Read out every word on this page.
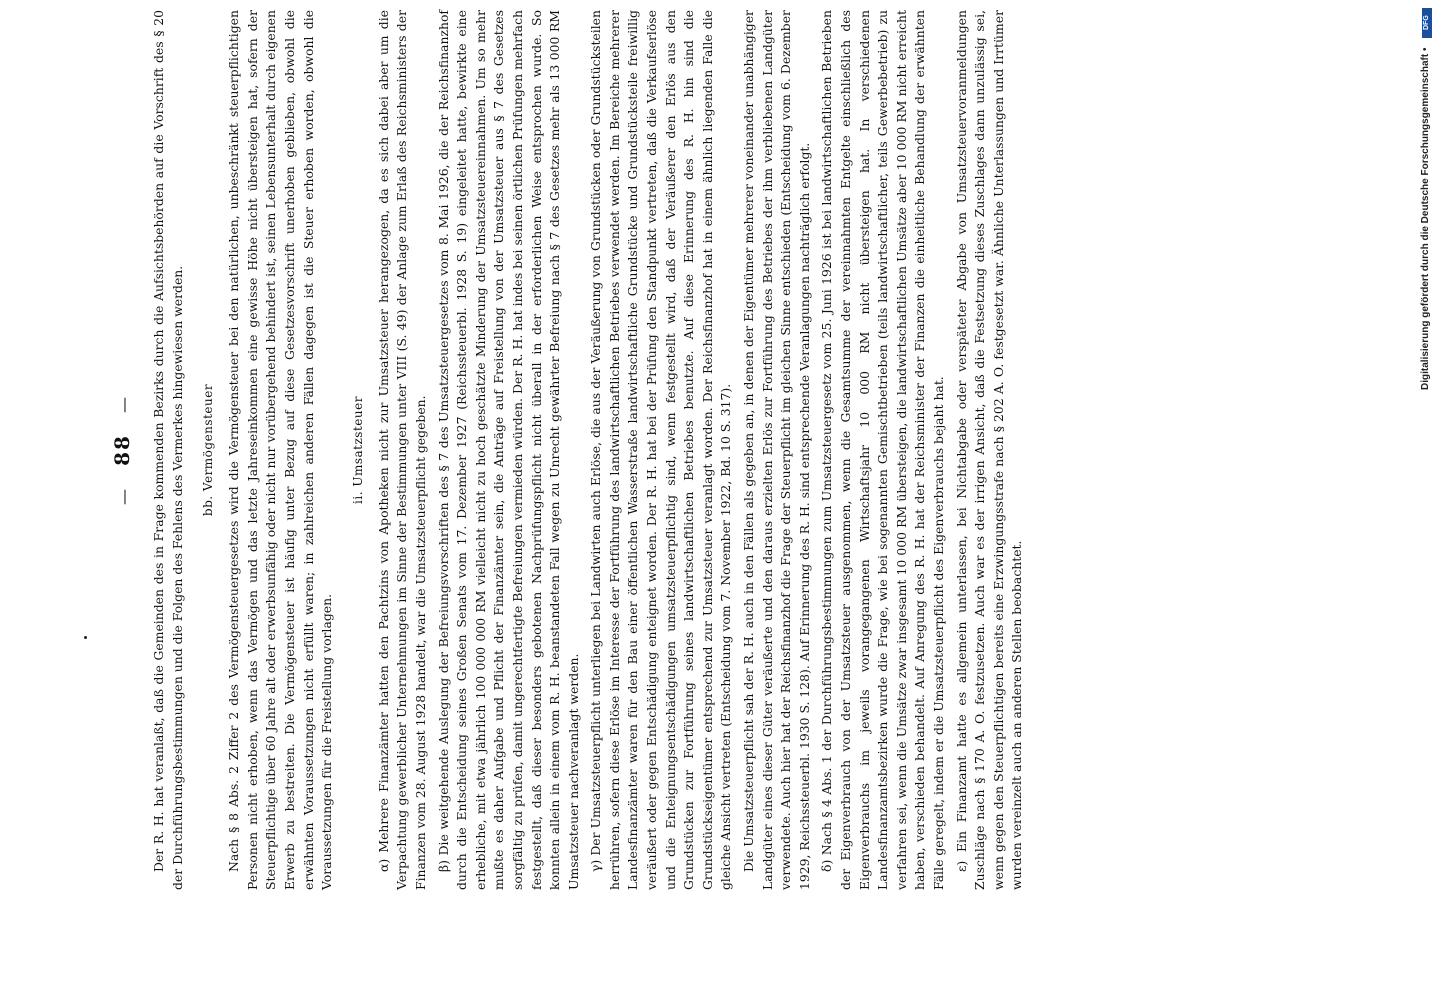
— 88 — Der R. H. hat veranlaßt, daß die Gemeinden des in Frage kommenden Bezirks durch die Aufsichtsbehörden auf die Vorschrift des § 20 der Durchführungsbestimmungen und die Folgen des Fehlens des Vermerkes hingewiesen werden. bb. Vermögensteuer Nach § 8 Abs. 2 Ziffer 2 des Vermögensteuergesetzes wird die Vermögensteuer bei den natürlichen, unbeschränkt steuerpflichtigen Personen nicht erhoben, wenn das Vermögen und das letzte Jahreseinkommen eine gewisse Höhe nicht übersteigen hat, sofern der Steuerpflichtige über 60 Jahre alt oder erwerbsunfähig oder nicht nur vorübergehend behindert ist, seinen Lebensunterhalt durch eigenen Erwerb zu bestreiten. Die Vermögensteuer ist häufig unter Bezug auf diese Gesetzesvorschrift unerhoben geblieben, obwohl die erwähnten Voraussetzungen nicht erfüllt waren; in zahlreichen anderen Fällen dagegen ist die Steuer erhoben worden, obwohl die Voraussetzungen für die Freistellung vorlagen.
ii. Umsatzsteuer α) Mehrere Finanzämter hatten den Pachtzins von Apotheken nicht zur Umsatzsteuer herangezogen, da es sich dabei aber um die Verpachtung gewerblicher Unternehmungen im Sinne der Bestimmungen unter VIII (S. 49) der Anlage zum Erlaß des Reichsministers der Finanzen vom 28. August 1928 handelt, war die Umsatzsteuerpflicht gegeben. β) Die weitgehende Auslegung der Befreiungsvorschriften des § 7 des Umsatzsteuergesetzes vom 8. Mai 1926, die der Reichsfinanzhof durch die Entscheidung seines Großen Senats vom 17. Dezember 1927 (Reichssteuerbl. 1928 S. 19) eingeleitet hatte, bewirkte eine erhebliche, mit etwa jährlich 100 000 000 RM vielleicht nicht zu hoch geschätzte Minderung der Umsatzsteuereinnahmen. Um so mehr mußte es daher Aufgabe und Pflicht der Finanzämter sein, die Anträge auf Freistellung von der Umsatzsteuer aus § 7 des Gesetzes sorgfältig zu prüfen, damit ungerechtfertigte Befreiungen vermieden würden. Der R. H. hat indes bei seinen örtlichen Prüfungen mehrfach festgestellt, daß dieser besonders gebotenen Nachprüfungspflicht nicht überall in der erforderlichen Weise entsprochen wurde. So konnten allein in einem vom R. H. beanstandeten Fall wegen zu Unrecht gewährter Befreiung nach § 7 des Gesetzes mehr als 13 000 RM Umsatzsteuer nachveranlagt werden. γ) Der Umsatzsteuerpflicht unterliegen bei Landwirten auch Erlöse, die aus der Veräußerung von Grundstücken oder Grundstücksteilen herrühren, sofern diese Erlöse im Interesse der Fortführung des landwirtschaftlichen Betriebes verwendet werden. Im Bereiche mehrerer Landesfinanzämter waren für den Bau einer öffentlichen Wasserstraße landwirtschaftliche Grundstücke und Grundstücksteile freiwillig veräußert oder gegen Entschädigung enteignet worden. Der R. H. hat bei der Prüfung den Standpunkt vertreten, daß die Verkaufserlöse und die Enteignungsentschädigungen umsatzsteuerpflichtig sind, wenn festgestellt wird, daß der Veräußerer den Erlös aus den Grundstücken zur Fortführung seines landwirtschaftlichen Betriebes benutzte. Auf diese Erinnerung des R. H. hin sind die Grundstückseigentümer entsprechend zur Umsatzsteuer veranlagt worden. Der Reichsfinanzhof hat in einem ähnlich liegenden Falle die gleiche Ansicht vertreten (Entscheidung vom 7. November 1922, Bd. 10 S. 317). Die Umsatzsteuerpflicht sah der R. H. auch in den Fällen als gegeben an, in denen der Eigentümer mehrerer voneinander unabhängiger Landgüter eines dieser Güter veräußerte und den daraus erzielten Erlös zur Fortführung des Betriebes der ihm verbliebenen Landgüter verwendete. Auch hier hat der Reichsfinanzhof die Frage der Steuerpflicht im gleichen Sinne entschieden (Entscheidung vom 6. Dezember 1929, Reichssteuerbl. 1930 S. 128). Auf Erinnerung des R. H. sind entsprechende Veranlagungen nachträglich erfolgt. δ) Nach § 4 Abs. 1 der Durchführungsbestimmungen zum Umsatzsteuergesetz vom 25. Juni 1926 ist bei landwirtschaftlichen Betrieben der Eigenverbrauch von der Umsatzsteuer ausgenommen, wenn die Gesamtsumme der vereinnahmten Entgelte einschließlich des Eigenverbrauchs im jeweils vorangegangenen Wirtschaftsjahr 10 000 RM nicht übersteigen hat. In verschiedenen Landesfinanzamtsbezirken wurde die Frage, wie bei sogenannten Gemischtbetrieben (teils landwirtschaftlicher, teils Gewerbebetrieb) zu verfahren sei, wenn die Umsätze zwar insgesamt 10 000 RM übersteigen, die landwirtschaftlichen Umsätze aber 10 000 RM nicht erreicht haben, verschieden behandelt. Auf Anregung des R. H. hat der Reichsminister der Finanzen die einheitliche Behandlung der erwähnten Fälle geregelt, indem er die Umsatzsteuerpflicht des Eigenverbrauchs bejaht hat. ε) Ein Finanzamt hatte es allgemein unterlassen, bei Nichtabgabe oder verspäteter Abgabe von Umsatzsteuervoranmeldungen Zuschläge nach § 170 A. O. festzusetzen. Auch war es der irrigen Ansicht, daß die Festsetzung dieses Zuschlages dann unzulässig sei, wenn gegen den Steuerpflichtigen bereits eine Erzwingungsstrafe nach § 202 A. O. festgesetzt war. Ähnliche Unterlassungen und Irrtümer wurden vereinzelt auch an anderen Stellen beobachtet.
DFG
Digitalisierung gefördert durch die Deutsche Forschungsgemeinschaft •
